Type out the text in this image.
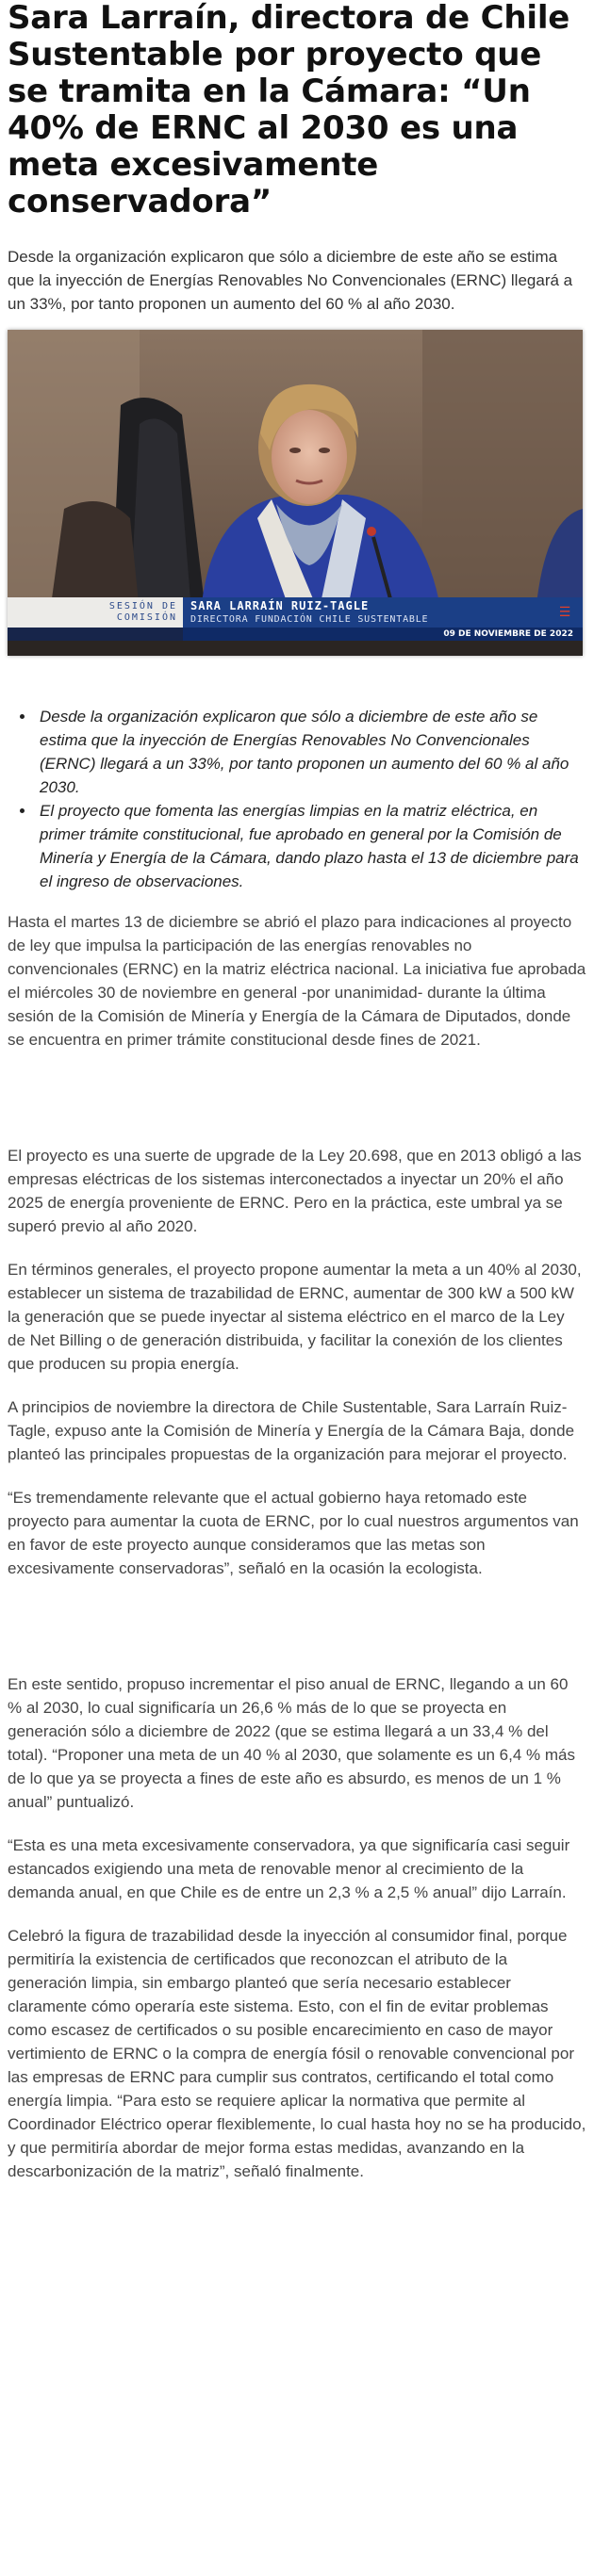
Sara Larraín, directora de Chile Sustentable por proyecto que se tramita en la Cámara: “Un 40% de ERNC al 2030 es una meta excesivamente conservadora”

Desde la organización explicaron que sólo a diciembre de este año se estima que la inyección de Energías Renovables No Convencionales (ERNC) llegará a un 33%, por tanto proponen un aumento del 60 % al año 2030.

SESIÓN DE
COMISIÓN
SARA LARRAÍN RUIZ-TAGLE
DIRECTORA FUNDACIÓN CHILE SUSTENTABLE
☰
09 DE NOVIEMBRE DE 2022
• Desde la organización explicaron que sólo a diciembre de este año se estima que la inyección de Energías Renovables No Convencionales (ERNC) llegará a un 33%, por tanto proponen un aumento del 60 % al año 2030.
• El proyecto que fomenta las energías limpias en la matriz eléctrica, en primer trámite constitucional, fue aprobado en general por la Comisión de Minería y Energía de la Cámara, dando plazo hasta el 13 de diciembre para el ingreso de observaciones.

Hasta el martes 13 de diciembre se abrió el plazo para indicaciones al proyecto de ley que impulsa la participación de las energías renovables no convencionales (ERNC) en la matriz eléctrica nacional. La iniciativa fue aprobada el miércoles 30 de noviembre en general -por unanimidad- durante la última sesión de la Comisión de Minería y Energía de la Cámara de Diputados, donde se encuentra en primer trámite constitucional desde fines de 2021.

El proyecto es una suerte de upgrade de la Ley 20.698, que en 2013 obligó a las empresas eléctricas de los sistemas interconectados a inyectar un 20% el año 2025 de energía proveniente de ERNC. Pero en la práctica, este umbral ya se superó previo al año 2020.

En términos generales, el proyecto propone aumentar la meta a un 40% al 2030, establecer un sistema de trazabilidad de ERNC, aumentar de 300 kW a 500 kW la generación que se puede inyectar al sistema eléctrico en el marco de la Ley de Net Billing o de generación distribuida, y facilitar la conexión de los clientes que producen su propia energía.

A principios de noviembre la directora de Chile Sustentable, Sara Larraín Ruiz-Tagle, expuso ante la Comisión de Minería y Energía de la Cámara Baja, donde planteó las principales propuestas de la organización para mejorar el proyecto.

“Es tremendamente relevante que el actual gobierno haya retomado este proyecto para aumentar la cuota de ERNC, por lo cual nuestros argumentos van en favor de este proyecto aunque consideramos que las metas son excesivamente conservadoras”, señaló en la ocasión la ecologista.

En este sentido, propuso incrementar el piso anual de ERNC, llegando a un 60 % al 2030, lo cual significaría un 26,6 % más de lo que se proyecta en generación sólo a diciembre de 2022 (que se estima llegará a un 33,4 % del total). “Proponer una meta de un 40 % al 2030, que solamente es un 6,4 % más de lo que ya se proyecta a fines de este año es absurdo, es menos de un 1 % anual” puntualizó.

“Esta es una meta excesivamente conservadora, ya que significaría casi seguir estancados exigiendo una meta de renovable menor al crecimiento de la demanda anual, en que Chile es de entre un 2,3 % a 2,5 % anual” dijo Larraín.

Celebró la figura de trazabilidad desde la inyección al consumidor final, porque permitiría la existencia de certificados que reconozcan el atributo de la generación limpia, sin embargo planteó que sería necesario establecer claramente cómo operaría este sistema. Esto, con el fin de evitar problemas como escasez de certificados o su posible encarecimiento en caso de mayor vertimiento de ERNC o la compra de energía fósil o renovable convencional por las empresas de ERNC para cumplir sus contratos, certificando el total como energía limpia. “Para esto se requiere aplicar la normativa que permite al Coordinador Eléctrico operar flexiblemente, lo cual hasta hoy no se ha producido, y que permitiría abordar de mejor forma estas medidas, avanzando en la descarbonización de la matriz”, señaló finalmente.
